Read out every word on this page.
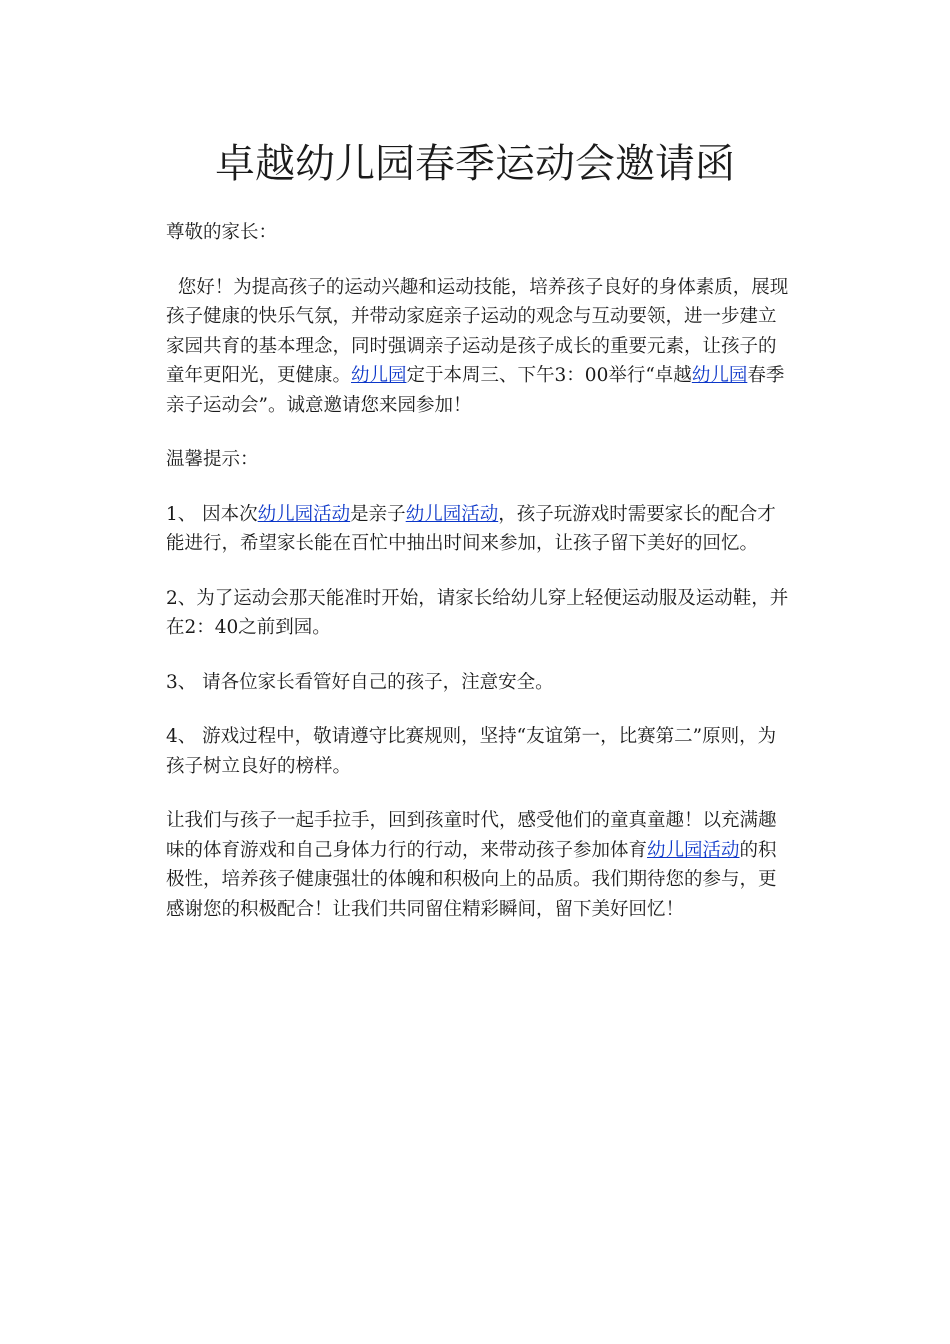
卓越幼儿园春季运动会邀请函

尊敬的家长：

您好！为提高孩子的运动兴趣和运动技能，培养孩子良好的身体素质，展现孩子健康的快乐气氛，并带动家庭亲子运动的观念与互动要领，进一步建立家园共育的基本理念，同时强调亲子运动是孩子成长的重要元素，让孩子的童年更阳光，更健康。幼儿园定于本周三、下午3：00举行“卓越幼儿园春季亲子运动会”。诚意邀请您来园参加！

温馨提示：

1、 因本次幼儿园活动是亲子幼儿园活动，孩子玩游戏时需要家长的配合才能进行，希望家长能在百忙中抽出时间来参加，让孩子留下美好的回忆。

2、为了运动会那天能准时开始，请家长给幼儿穿上轻便运动服及运动鞋，并在2：40之前到园。

3、 请各位家长看管好自己的孩子，注意安全。

4、 游戏过程中，敬请遵守比赛规则，坚持“友谊第一，比赛第二”原则，为孩子树立良好的榜样。

让我们与孩子一起手拉手，回到孩童时代，感受他们的童真童趣！以充满趣味的体育游戏和自己身体力行的行动，来带动孩子参加体育幼儿园活动的积极性，培养孩子健康强壮的体魄和积极向上的品质。我们期待您的参与，更感谢您的积极配合！让我们共同留住精彩瞬间，留下美好回忆！
